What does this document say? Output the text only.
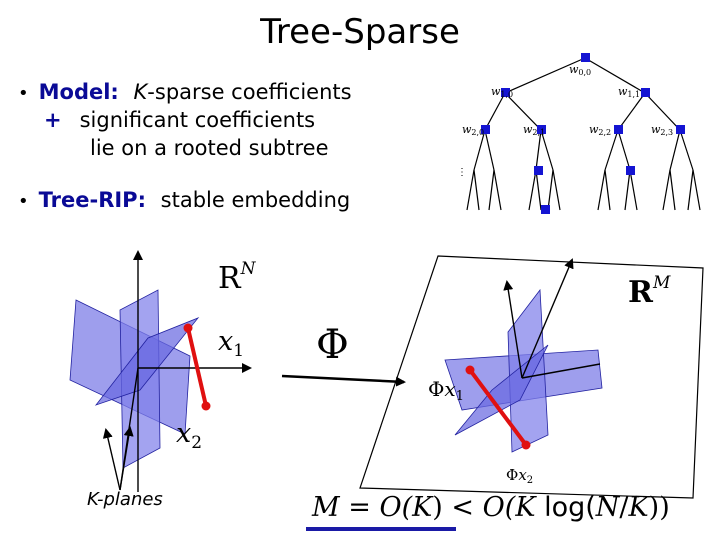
Tree-Sparse
• Model: K-sparse coefficients
+ significant coefficients
lie on a rooted subtree
• Tree-RIP: stable embedding
w0,0
w1,0	w1,1
w2,0	w2,1	w2,2	w2,3
⋮
$R^N$
$x_1$
$x_2$
Φ
$R^M$
$\Phi x_1$
$\Phi x_2$
K-planes	M = O(K) < O(K log(N/K))
